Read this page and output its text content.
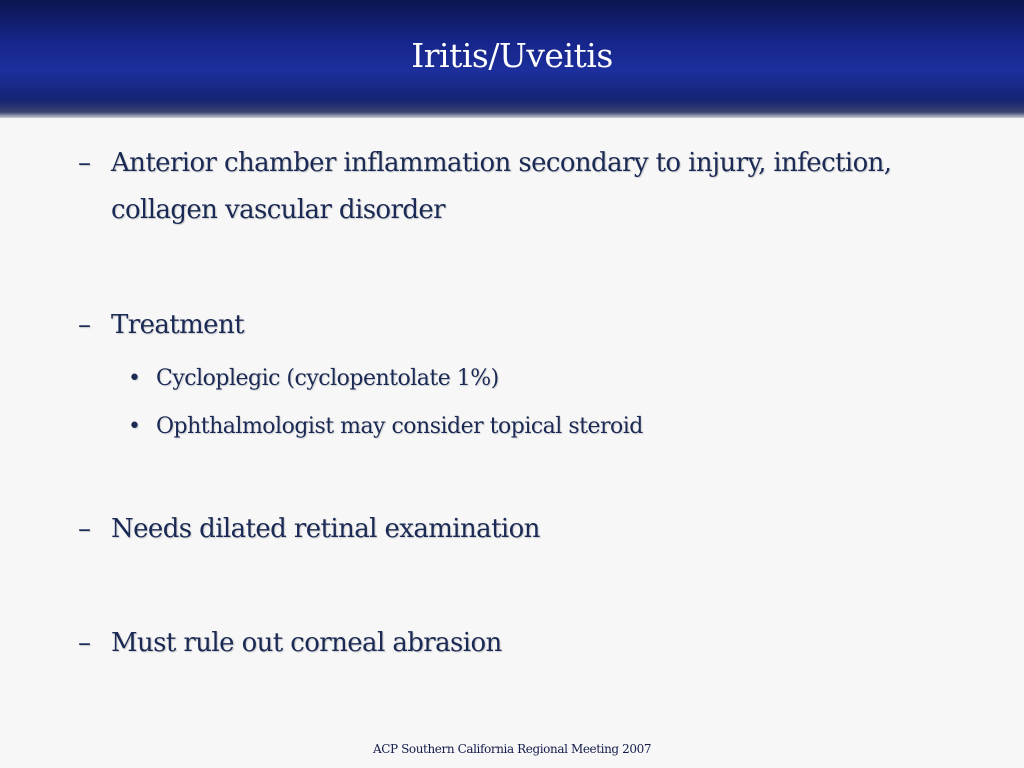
Iritis/Uveitis
– Anterior chamber inflammation secondary to injury, infection, collagen vascular disorder
– Treatment
• Cycloplegic (cyclopentolate 1%)
• Ophthalmologist may consider topical steroid
– Needs dilated retinal examination
– Must rule out corneal abrasion
ACP Southern California Regional Meeting 2007
